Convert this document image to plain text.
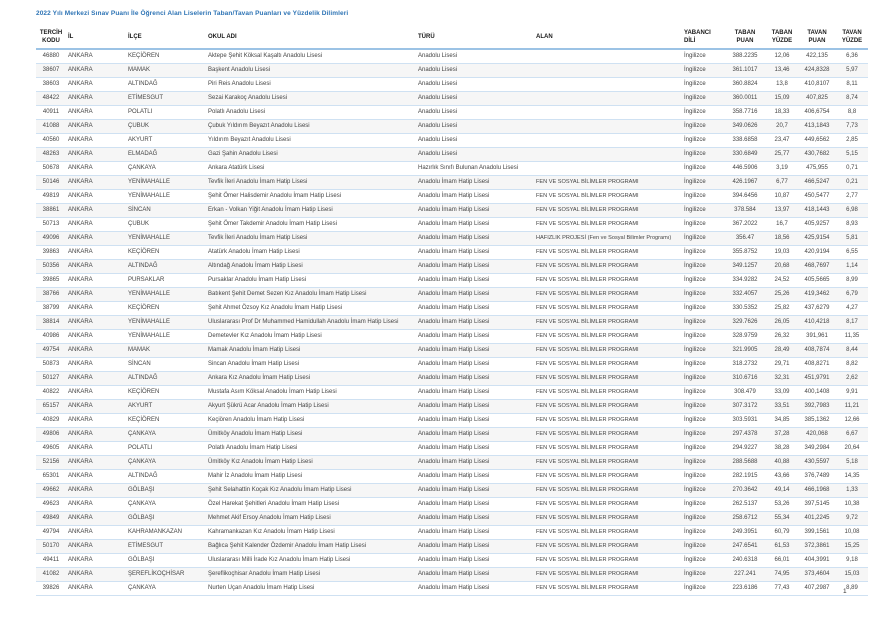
2022 Yılı Merkezi Sınav Puanı İle Öğrenci Alan Liselerin Taban/Tavan Puanları ve Yüzdelik Dilimleri
TERCİH KODU	İL	İLÇE	OKUL ADI	TÜRÜ	ALAN	YABANCI DİLİ	TABAN PUAN	TABAN YÜZDE	TAVAN PUAN	TAVAN YÜZDE
46880	ANKARA	KEÇİÖREN	Aktepe Şehit Köksal Kaşaltı Anadolu Lisesi	Anadolu Lisesi		İngilizce	388.2235	12,06	422,135	6,36
38607	ANKARA	MAMAK	Başkent Anadolu Lisesi	Anadolu Lisesi		İngilizce	361.1017	13,46	424,8328	5,97
38603	ANKARA	ALTINDAĞ	Piri Reis Anadolu Lisesi	Anadolu Lisesi		İngilizce	360.8824	13,8	410,8107	8,11
48422	ANKARA	ETİMESGUT	Sezai Karakoç Anadolu Lisesi	Anadolu Lisesi		İngilizce	360.0011	15,09	407,825	8,74
40911	ANKARA	POLATLI	Polatlı Anadolu Lisesi	Anadolu Lisesi		İngilizce	358.7716	18,33	406,6754	8,8
41088	ANKARA	ÇUBUK	Çubuk Yıldırım Beyazıt Anadolu Lisesi	Anadolu Lisesi		İngilizce	349.0626	20,7	413,1843	7,73
40560	ANKARA	AKYURT	Yıldırım Beyazıt Anadolu Lisesi	Anadolu Lisesi		İngilizce	338.6858	23,47	449,6562	2,85
48263	ANKARA	ELMADAĞ	Gazi Şahin Anadolu Lisesi	Anadolu Lisesi		İngilizce	330.6849	25,77	430,7682	5,15
50678	ANKARA	ÇANKAYA	Ankara Atatürk Lisesi	Hazırlık Sınıfı Bulunan Anadolu Lisesi		İngilizce	446.5906	3,19	475,955	0,71
50146	ANKARA	YENİMAHALLE	Tevfik İleri Anadolu İmam Hatip Lisesi	Anadolu İmam Hatip Lisesi	FEN VE SOSYAL BİLİMLER PROGRAMI	İngilizce	426.1967	6,77	466,5247	0,21
49819	ANKARA	YENİMAHALLE	Şehit Ömer Halisdemir Anadolu İmam Hatip Lisesi	Anadolu İmam Hatip Lisesi	FEN VE SOSYAL BİLİMLER PROGRAMI	İngilizce	394.6456	10,87	450,5477	2,77
38861	ANKARA	SİNCAN	Erkan - Volkan Yiğit Anadolu İmam Hatip Lisesi	Anadolu İmam Hatip Lisesi	FEN VE SOSYAL BİLİMLER PROGRAMI	İngilizce	378.584	13,97	418,1443	6,98
50713	ANKARA	ÇUBUK	Şehit Ömer Takdemir Anadolu İmam Hatip Lisesi	Anadolu İmam Hatip Lisesi	FEN VE SOSYAL BİLİMLER PROGRAMI	İngilizce	367.2022	16,7	405,9257	8,93
49096	ANKARA	YENİMAHALLE	Tevfik İleri Anadolu İmam Hatip Lisesi	Anadolu İmam Hatip Lisesi	HAFIZLIK PROJESİ (Fen ve Sosyal Bilimler Programı)	İngilizce	356.47	18,56	425,9154	5,81
39863	ANKARA	KEÇİÖREN	Atatürk Anadolu İmam Hatip Lisesi	Anadolu İmam Hatip Lisesi	FEN VE SOSYAL BİLİMLER PROGRAMI	İngilizce	355.8752	19,03	420,9194	6,55
50356	ANKARA	ALTINDAĞ	Altındağ Anadolu İmam Hatip Lisesi	Anadolu İmam Hatip Lisesi	FEN VE SOSYAL BİLİMLER PROGRAMI	İngilizce	349.1257	20,68	468,7697	1,14
39865	ANKARA	PURSAKLAR	Pursaklar Anadolu İmam Hatip Lisesi	Anadolu İmam Hatip Lisesi	FEN VE SOSYAL BİLİMLER PROGRAMI	İngilizce	334.9282	24,52	405,5665	8,99
38766	ANKARA	YENİMAHALLE	Batıkent Şehit Demet Sezen Kız Anadolu İmam Hatip Lisesi	Anadolu İmam Hatip Lisesi	FEN VE SOSYAL BİLİMLER PROGRAMI	İngilizce	332.4057	25,26	419,3462	6,79
38799	ANKARA	KEÇİÖREN	Şehit Ahmet Özsoy Kız Anadolu İmam Hatip Lisesi	Anadolu İmam Hatip Lisesi	FEN VE SOSYAL BİLİMLER PROGRAMI	İngilizce	330.5352	25,82	437,6279	4,27
38814	ANKARA	YENİMAHALLE	Uluslararası Prof Dr Muhammed Hamidullah Anadolu İmam Hatip Lisesi	Anadolu İmam Hatip Lisesi	FEN VE SOSYAL BİLİMLER PROGRAMI	İngilizce	329.7626	26,05	410,4218	8,17
40986	ANKARA	YENİMAHALLE	Demetevler Kız Anadolu İmam Hatip Lisesi	Anadolu İmam Hatip Lisesi	FEN VE SOSYAL BİLİMLER PROGRAMI	İngilizce	328.9759	26,32	391,961	11,35
49754	ANKARA	MAMAK	Mamak Anadolu İmam Hatip Lisesi	Anadolu İmam Hatip Lisesi	FEN VE SOSYAL BİLİMLER PROGRAMI	İngilizce	321.9905	28,49	408,7874	8,44
50873	ANKARA	SİNCAN	Sincan Anadolu İmam Hatip Lisesi	Anadolu İmam Hatip Lisesi	FEN VE SOSYAL BİLİMLER PROGRAMI	İngilizce	318.2732	29,71	408,8271	8,82
50127	ANKARA	ALTINDAĞ	Ankara Kız Anadolu İmam Hatip Lisesi	Anadolu İmam Hatip Lisesi	FEN VE SOSYAL BİLİMLER PROGRAMI	İngilizce	310.6716	32,31	451,9791	2,62
40822	ANKARA	KEÇİÖREN	Mustafa Asım Köksal Anadolu İmam Hatip Lisesi	Anadolu İmam Hatip Lisesi	FEN VE SOSYAL BİLİMLER PROGRAMI	İngilizce	308.479	33,09	400,1408	9,91
65157	ANKARA	AKYURT	Akyurt Şükrü Acar Anadolu İmam Hatip Lisesi	Anadolu İmam Hatip Lisesi	FEN VE SOSYAL BİLİMLER PROGRAMI	İngilizce	307.3172	33,51	392,7983	11,21
40829	ANKARA	KEÇİÖREN	Keçiören Anadolu İmam Hatip Lisesi	Anadolu İmam Hatip Lisesi	FEN VE SOSYAL BİLİMLER PROGRAMI	İngilizce	303.5931	34,85	385,1362	12,66
49806	ANKARA	ÇANKAYA	Ümitköy Anadolu İmam Hatip Lisesi	Anadolu İmam Hatip Lisesi	FEN VE SOSYAL BİLİMLER PROGRAMI	İngilizce	297.4378	37,28	420,068	6,67
49605	ANKARA	POLATLI	Polatlı Anadolu İmam Hatip Lisesi	Anadolu İmam Hatip Lisesi	FEN VE SOSYAL BİLİMLER PROGRAMI	İngilizce	294.9227	38,28	349,2984	20,64
52156	ANKARA	ÇANKAYA	Ümitköy Kız Anadolu İmam Hatip Lisesi	Anadolu İmam Hatip Lisesi	FEN VE SOSYAL BİLİMLER PROGRAMI	İngilizce	288.5688	40,88	430,5597	5,18
65301	ANKARA	ALTINDAĞ	Mahir İz Anadolu İmam Hatip Lisesi	Anadolu İmam Hatip Lisesi	FEN VE SOSYAL BİLİMLER PROGRAMI	İngilizce	282.1915	43,66	376,7489	14,35
49662	ANKARA	GÖLBAŞI	Şehit Selahattin Koçak Kız Anadolu İmam Hatip Lisesi	Anadolu İmam Hatip Lisesi	FEN VE SOSYAL BİLİMLER PROGRAMI	İngilizce	270.3642	49,14	466,1968	1,33
49623	ANKARA	ÇANKAYA	Özel Harekat Şehitleri Anadolu İmam Hatip Lisesi	Anadolu İmam Hatip Lisesi	FEN VE SOSYAL BİLİMLER PROGRAMI	İngilizce	262.5137	53,26	397,5145	10,38
49849	ANKARA	GÖLBAŞI	Mehmet Akif Ersoy Anadolu İmam Hatip Lisesi	Anadolu İmam Hatip Lisesi	FEN VE SOSYAL BİLİMLER PROGRAMI	İngilizce	258.6712	55,34	401,2245	9,72
49794	ANKARA	KAHRAMANKAZAN	Kahramankazan Kız Anadolu İmam Hatip Lisesi	Anadolu İmam Hatip Lisesi	FEN VE SOSYAL BİLİMLER PROGRAMI	İngilizce	249.3951	60,79	399,1561	10,08
50170	ANKARA	ETİMESGUT	Bağlıca Şehit Kalender Özdemir Anadolu İmam Hatip Lisesi	Anadolu İmam Hatip Lisesi	FEN VE SOSYAL BİLİMLER PROGRAMI	İngilizce	247.6541	61,53	372,3861	15,25
49411	ANKARA	GÖLBAŞI	Uluslararası Milli İrade Kız Anadolu İmam Hatip Lisesi	Anadolu İmam Hatip Lisesi	FEN VE SOSYAL BİLİMLER PROGRAMI	İngilizce	240.6318	66,01	404,3991	9,18
41082	ANKARA	ŞEREFLİKOÇHİSAR	Şereflikoçhisar Anadolu İmam Hatip Lisesi	Anadolu İmam Hatip Lisesi	FEN VE SOSYAL BİLİMLER PROGRAMI	İngilizce	227.241	74,95	373,4604	15,03
39826	ANKARA	ÇANKAYA	Nurten Uçan Anadolu İmam Hatip Lisesi	Anadolu İmam Hatip Lisesi	FEN VE SOSYAL BİLİMLER PROGRAMI	İngilizce	223.6186	77,43	407,2987	8,89
1
